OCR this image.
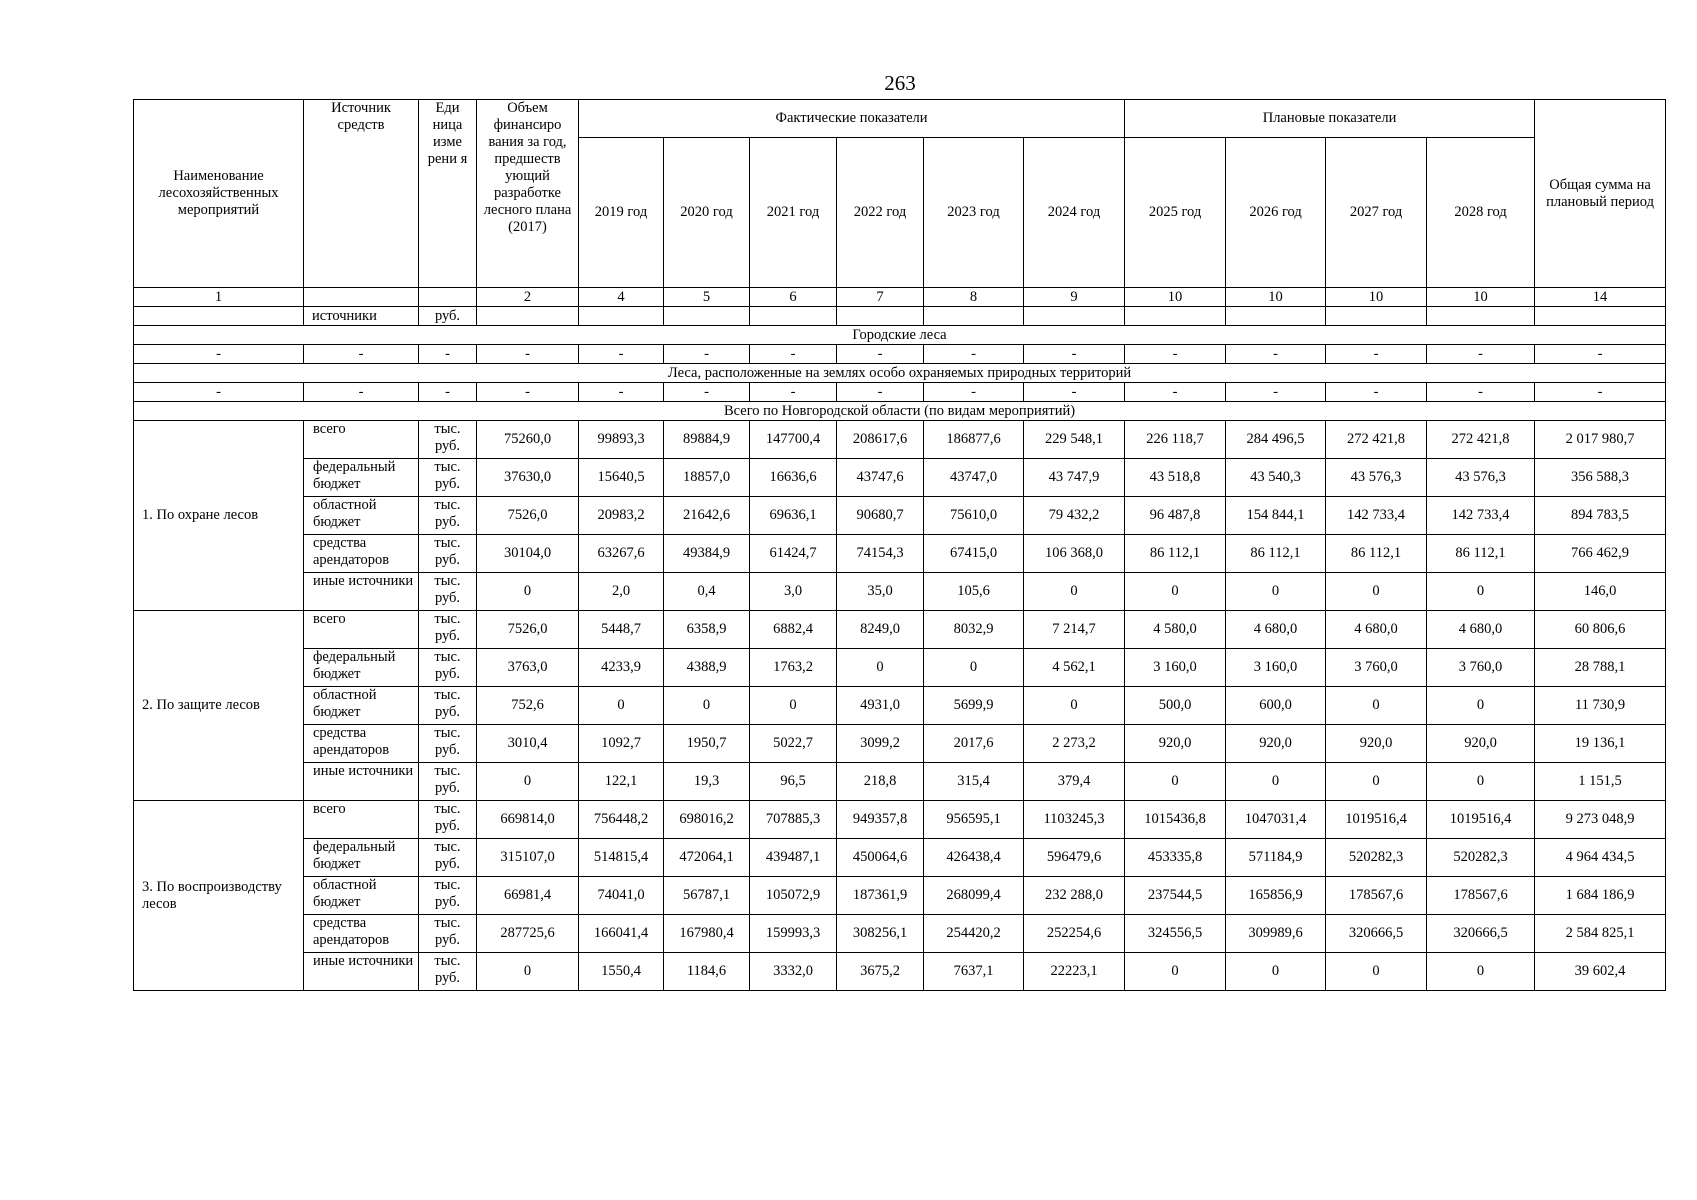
263
Наименование лесохозяйственных мероприятий	Источник средств	Еди ница изме рени я	Объем финансиро вания за год, предшеств ующий разработке лесного плана (2017)	Фактические показатели						Плановые показатели				Общая сумма на плановый период
				2019 год	2020 год	2021 год	2022 год	2023 год	2024 год	2025 год	2026 год	2027 год	2028 год	
1			2	4	5	6	7	8	9	10	10	10	10	14
	источники	руб.												
Городские леса														
-	-	-	-	-	-	-	-	-	-	-	-	-	-	-
Леса, расположенные на землях особо охраняемых природных территорий														
-	-	-	-	-	-	-	-	-	-	-	-	-	-	-
Всего по Новгородской области (по видам мероприятий)														
1. По охране лесов	всего	тыс. руб.	75260,0	99893,3	89884,9	147700,4	208617,6	186877,6	229 548,1	226 118,7	284 496,5	272 421,8	272 421,8	2 017 980,7
	федеральный бюджет	тыс. руб.	37630,0	15640,5	18857,0	16636,6	43747,6	43747,0	43 747,9	43 518,8	43 540,3	43 576,3	43 576,3	356 588,3
	областной бюджет	тыс. руб.	7526,0	20983,2	21642,6	69636,1	90680,7	75610,0	79 432,2	96 487,8	154 844,1	142 733,4	142 733,4	894 783,5
	средства арендаторов	тыс. руб.	30104,0	63267,6	49384,9	61424,7	74154,3	67415,0	106 368,0	86 112,1	86 112,1	86 112,1	86 112,1	766 462,9
	иные источники	тыс. руб.	0	2,0	0,4	3,0	35,0	105,6	0	0	0	0	0	146,0
2. По защите лесов	всего	тыс. руб.	7526,0	5448,7	6358,9	6882,4	8249,0	8032,9	7 214,7	4 580,0	4 680,0	4 680,0	4 680,0	60 806,6
	федеральный бюджет	тыс. руб.	3763,0	4233,9	4388,9	1763,2	0	0	4 562,1	3 160,0	3 160,0	3 760,0	3 760,0	28 788,1
	областной бюджет	тыс. руб.	752,6	0	0	0	4931,0	5699,9	0	500,0	600,0	0	0	11 730,9
	средства арендаторов	тыс. руб.	3010,4	1092,7	1950,7	5022,7	3099,2	2017,6	2 273,2	920,0	920,0	920,0	920,0	19 136,1
	иные источники	тыс. руб.	0	122,1	19,3	96,5	218,8	315,4	379,4	0	0	0	0	1 151,5
3. По воспроизводству лесов	всего	тыс. руб.	669814,0	756448,2	698016,2	707885,3	949357,8	956595,1	1103245,3	1015436,8	1047031,4	1019516,4	1019516,4	9 273 048,9
	федеральный бюджет	тыс. руб.	315107,0	514815,4	472064,1	439487,1	450064,6	426438,4	596479,6	453335,8	571184,9	520282,3	520282,3	4 964 434,5
	областной бюджет	тыс. руб.	66981,4	74041,0	56787,1	105072,9	187361,9	268099,4	232 288,0	237544,5	165856,9	178567,6	178567,6	1 684 186,9
	средства арендаторов	тыс. руб.	287725,6	166041,4	167980,4	159993,3	308256,1	254420,2	252254,6	324556,5	309989,6	320666,5	320666,5	2 584 825,1
	иные источники	тыс. руб.	0	1550,4	1184,6	3332,0	3675,2	7637,1	22223,1	0	0	0	0	39 602,4
